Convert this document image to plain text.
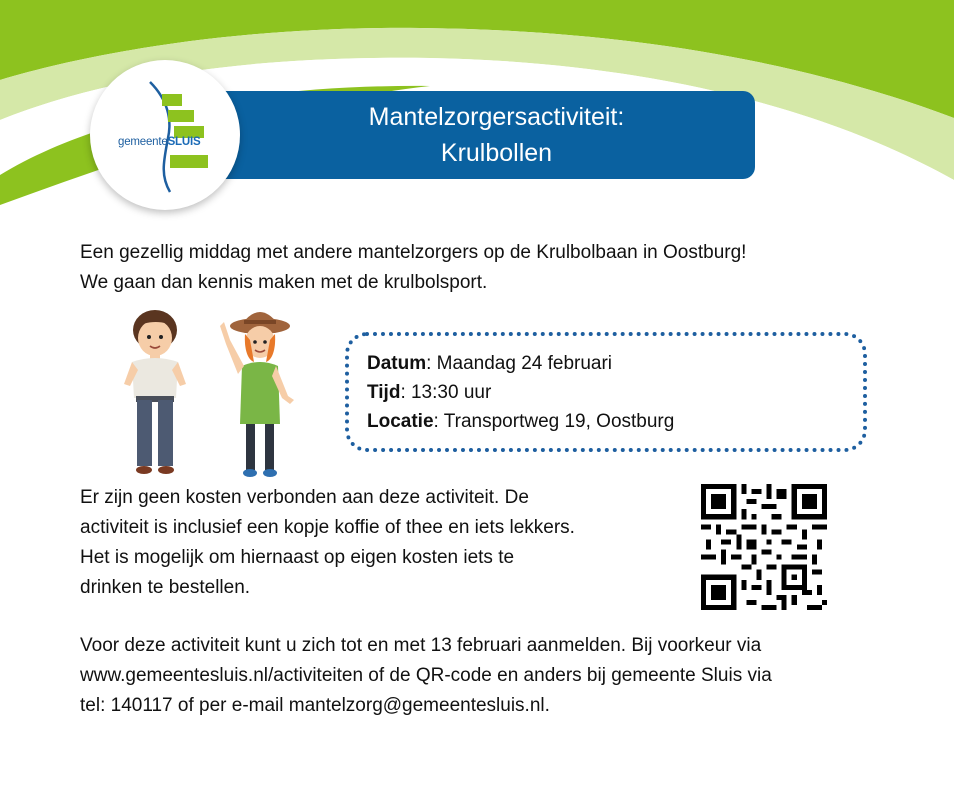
Mantelzorgersactiviteit:
Krulbollen
gemeenteSLUIS
Een gezellig middag met andere mantelzorgers op de Krulbolbaan in Oostburg!
We gaan dan kennis maken met de krulbolsport.
Datum: Maandag 24 februari
Tijd: 13:30 uur
Locatie: Transportweg 19, Oostburg
Er zijn geen kosten verbonden aan deze activiteit. De
activiteit is inclusief een kopje koffie of thee en iets lekkers.
Het is mogelijk om hiernaast op eigen kosten iets te
drinken te bestellen.
Voor deze activiteit kunt u zich tot en met 13 februari aanmelden. Bij voorkeur via
www.gemeentesluis.nl/activiteiten of de QR-code en anders bij gemeente Sluis via
tel: 140117 of per e-mail mantelzorg@gemeentesluis.nl.
